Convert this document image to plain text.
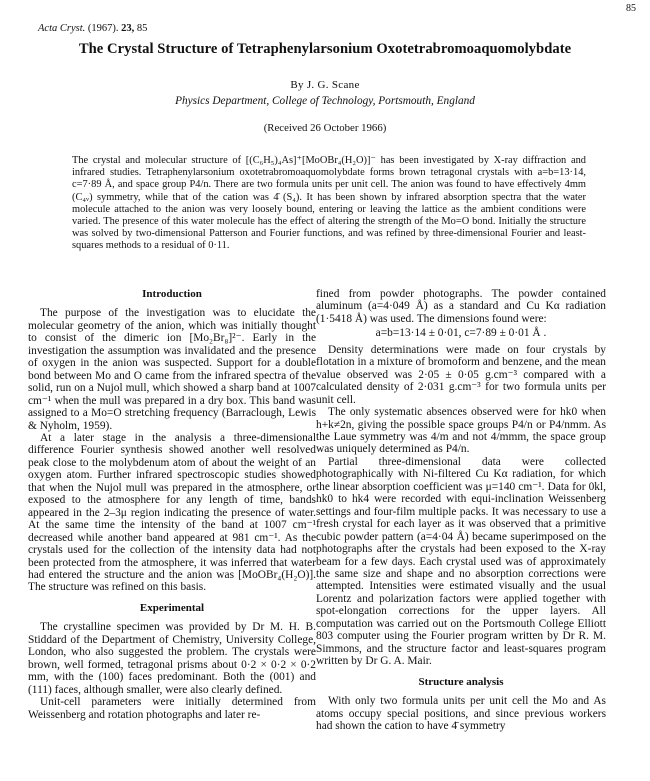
85
Acta Cryst. (1967). 23, 85
The Crystal Structure of Tetraphenylarsonium Oxotetrabromoaquomolybdate
By J. G. Scane
Physics Department, College of Technology, Portsmouth, England
(Received 26 October 1966)
The crystal and molecular structure of [(C₆H₅)₄As]⁺[MoOBr₄(H₂O)]⁻ has been investigated by X-ray diffraction and infrared studies. Tetraphenylarsonium oxotetrabromoaquomolybdate forms brown tetragonal crystals with a=b=13·14, c=7·89 Å, and space group P4/n. There are two formula units per unit cell. The anion was found to have effectively 4mm (C₄ᵥ) symmetry, while that of the cation was 4̄ (S₄). It has been shown by infrared absorption spectra that the water molecule attached to the anion was very loosely bound, entering or leaving the lattice as the ambient conditions were varied. The presence of this water molecule has the effect of altering the strength of the Mo=O bond. Initially the structure was solved by two-dimensional Patterson and Fourier functions, and was refined by three-dimensional Fourier and least-squares methods to a residual of 0·11.
Introduction

The purpose of the investigation was to elucidate the molecular geometry of the anion, which was initially thought to consist of the dimeric ion [Mo₂Br₈]²⁻. Early in the investigation the assumption was invalidated and the presence of oxygen in the anion was suspected. Support for a double bond between Mo and O came from the infrared spectra of the solid, run on a Nujol mull, which showed a sharp band at 1007 cm⁻¹ when the mull was prepared in a dry box. This band was assigned to a Mo=O stretching frequency (Barraclough, Lewis & Nyholm, 1959).

At a later stage in the analysis a three-dimensional difference Fourier synthesis showed another well resolved peak close to the molybdenum atom of about the weight of an oxygen atom. Further infrared spectroscopic studies showed that when the Nujol mull was prepared in the atmosphere, or exposed to the atmosphere for any length of time, bands appeared in the 2–3μ region indicating the presence of water. At the same time the intensity of the band at 1007 cm⁻¹ decreased while another band appeared at 981 cm⁻¹. As the crystals used for the collection of the intensity data had not been protected from the atmosphere, it was inferred that water had entered the structure and the anion was [MoOBr₄(H₂O)]. The structure was refined on this basis.

Experimental

The crystalline specimen was provided by Dr M. H. B. Stiddard of the Department of Chemistry, University College, London, who also suggested the problem. The crystals were brown, well formed, tetragonal prisms about 0·2 × 0·2 × 0·2 mm, with the (100) faces predominant. Both the (001) and (111) faces, although smaller, were also clearly defined.

Unit-cell parameters were initially determined from Weissenberg and rotation photographs and later re-

fined from powder photographs. The powder contained aluminum (a=4·049 Å) as a standard and Cu Kα radiation (1·5418 Å) was used. The dimensions found were:

a=b=13·14 ± 0·01, c=7·89 ± 0·01 Å .

Density determinations were made on four crystals by flotation in a mixture of bromoform and benzene, and the mean value observed was 2·05 ± 0·05 g.cm⁻³ compared with a calculated density of 2·031 g.cm⁻³ for two formula units per unit cell.

The only systematic absences observed were for hk0 when h+k≠2n, giving the possible space groups P4/n or P4/nmm. As the Laue symmetry was 4/m and not 4/mmm, the space group was uniquely determined as P4/n.

Partial three-dimensional data were collected photographically with Ni-filtered Cu Kα radiation, for which the linear absorption coefficient was μ=140 cm⁻¹. Data for 0kl, hk0 to hk4 were recorded with equi-inclination Weissenberg settings and four-film multiple packs. It was necessary to use a fresh crystal for each layer as it was observed that a primitive cubic powder pattern (a=4·04 Å) became superimposed on the photographs after the crystals had been exposed to the X-ray beam for a few days. Each crystal used was of approximately the same size and shape and no absorption corrections were attempted. Intensities were estimated visually and the usual Lorentz and polarization factors were applied together with spot-elongation corrections for the upper layers. All computation was carried out on the Portsmouth College Elliott 803 computer using the Fourier program written by Dr R. M. Simmons, and the structure factor and least-squares program written by Dr G. A. Mair.

Structure analysis

With only two formula units per unit cell the Mo and As atoms occupy special positions, and since previous workers had shown the cation to have 4̄ symmetry
